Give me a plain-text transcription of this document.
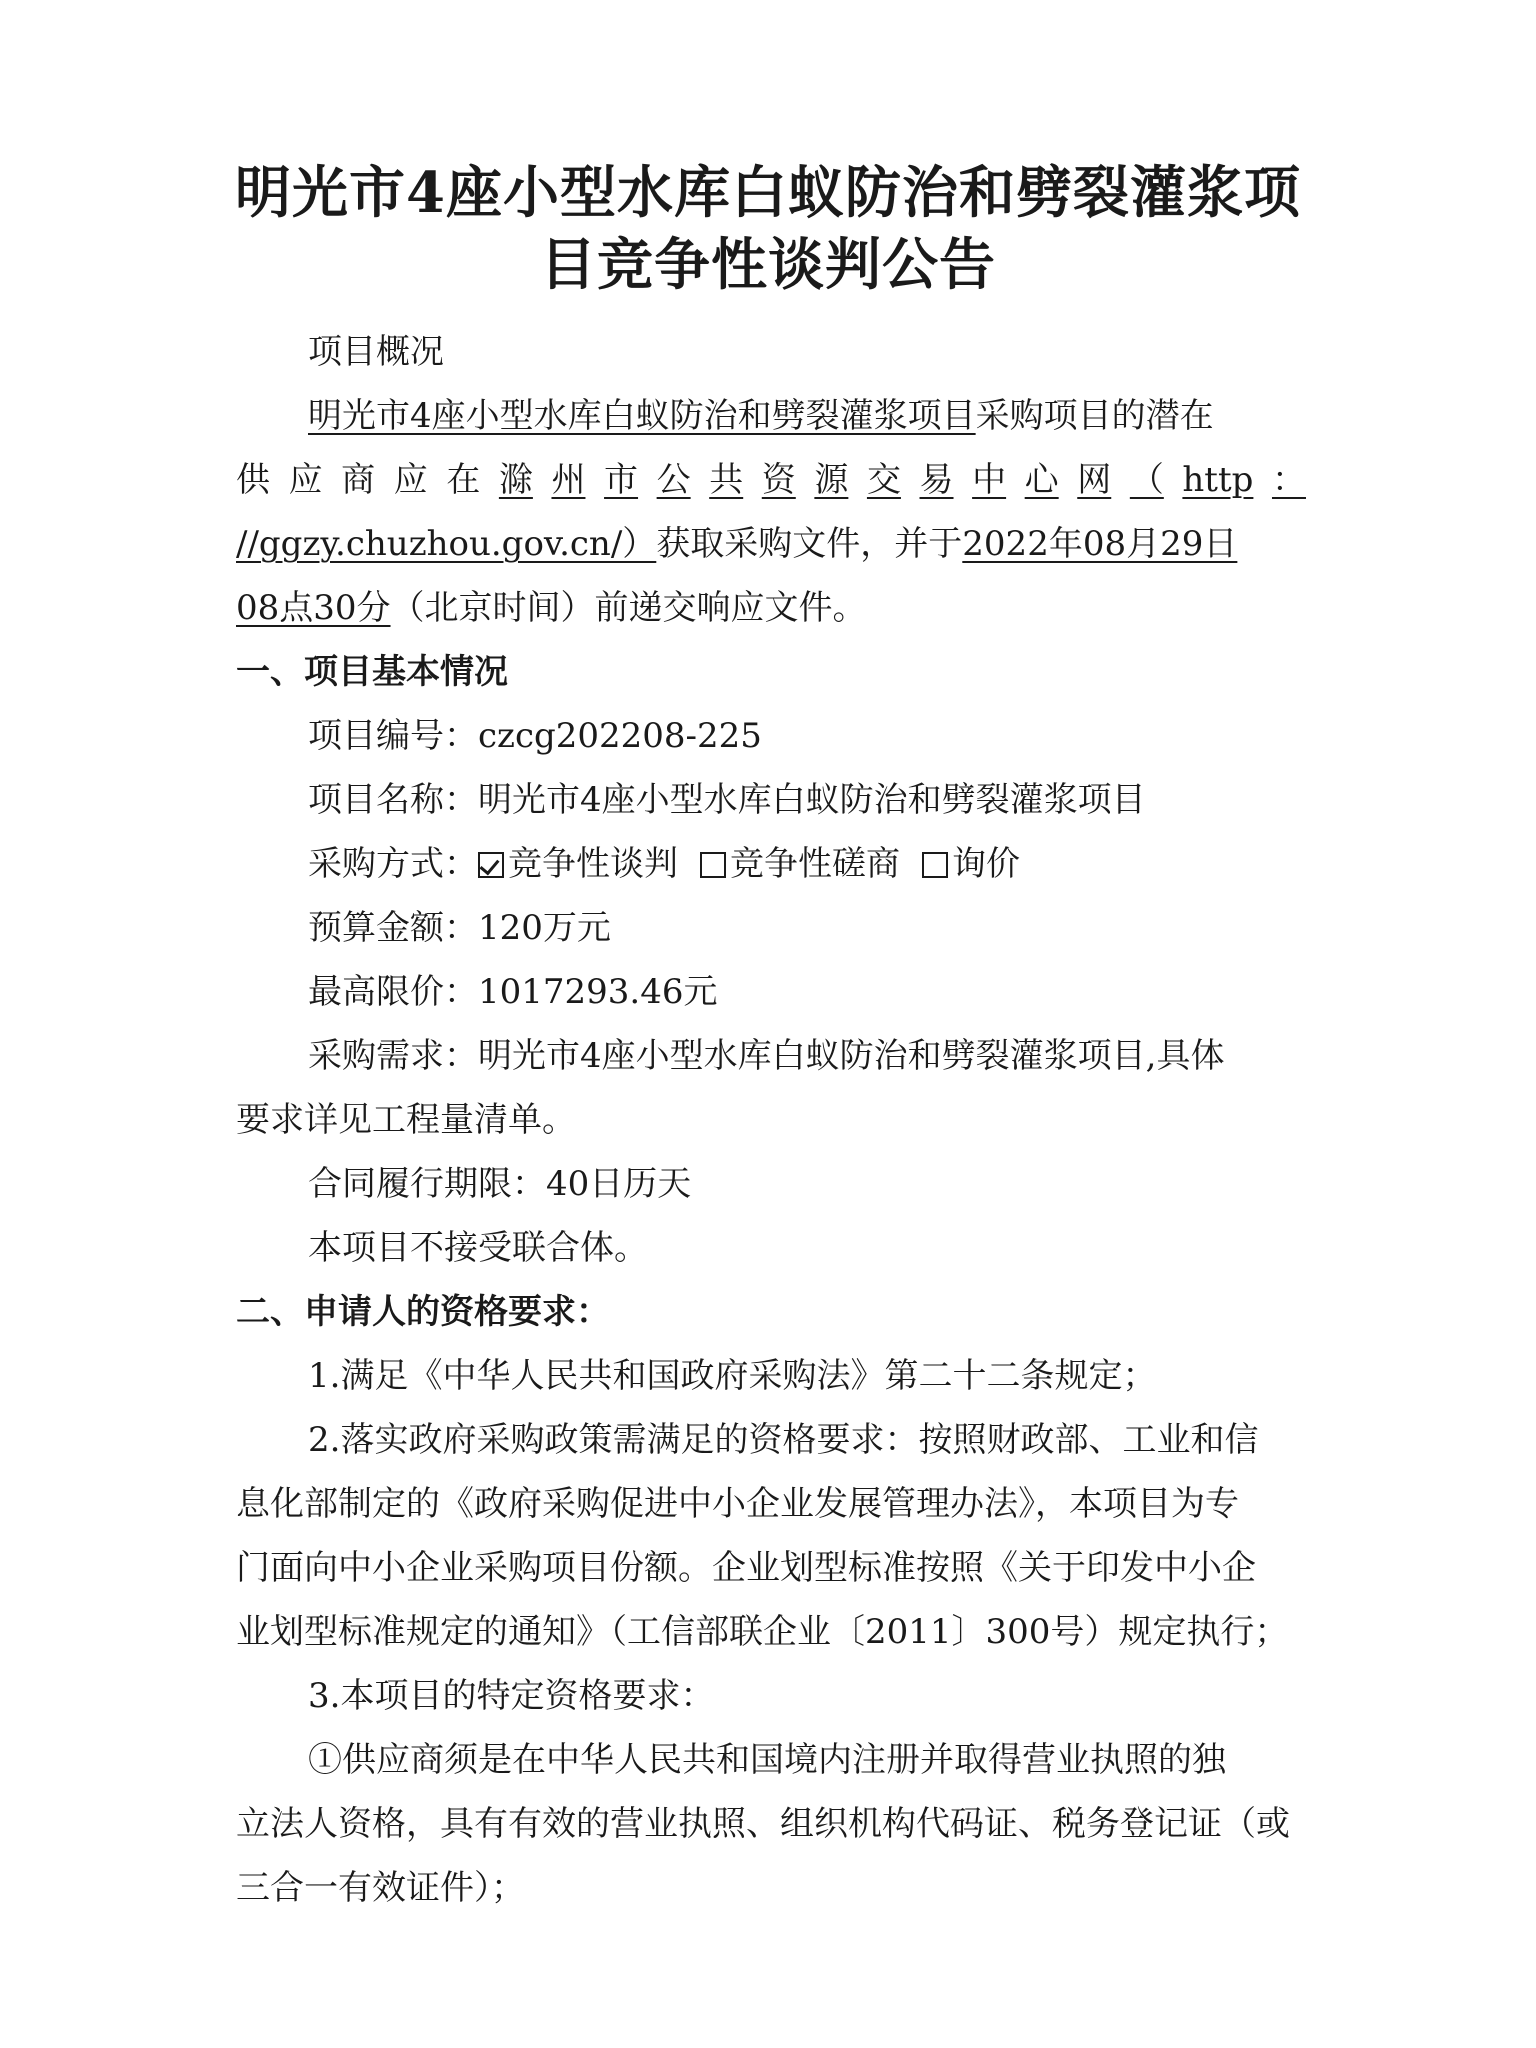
明光市4座小型水库白蚁防治和劈裂灌浆项
目竞争性谈判公告
项目概况
明光市4座小型水库白蚁防治和劈裂灌浆项目采购项目的潜在
供 应 商 应 在 滁 州 市 公 共 资 源 交 易 中 心 网 （ http ：
//ggzy.chuzhou.gov.cn/）获取采购文件，并于2022年08月29日
08点30分（北京时间）前递交响应文件。
一、项目基本情况
项目编号：czcg202208-225
项目名称：明光市4座小型水库白蚁防治和劈裂灌浆项目
采购方式： 竞争性谈判 竞争性磋商 询价
预算金额：120万元
最高限价：1017293.46元
采购需求：明光市4座小型水库白蚁防治和劈裂灌浆项目,具体
要求详见工程量清单。
合同履行期限：40日历天
本项目不接受联合体。
二、申请人的资格要求：
1.满足《中华人民共和国政府采购法》第二十二条规定；
2.落实政府采购政策需满足的资格要求：按照财政部、工业和信
息化部制定的《政府采购促进中小企业发展管理办法》，本项目为专
门面向中小企业采购项目份额。企业划型标准按照《关于印发中小企
业划型标准规定的通知》（工信部联企业〔2011〕300号）规定执行；
3.本项目的特定资格要求：
①供应商须是在中华人民共和国境内注册并取得营业执照的独
立法人资格，具有有效的营业执照、组织机构代码证、税务登记证（或
三合一有效证件）；
